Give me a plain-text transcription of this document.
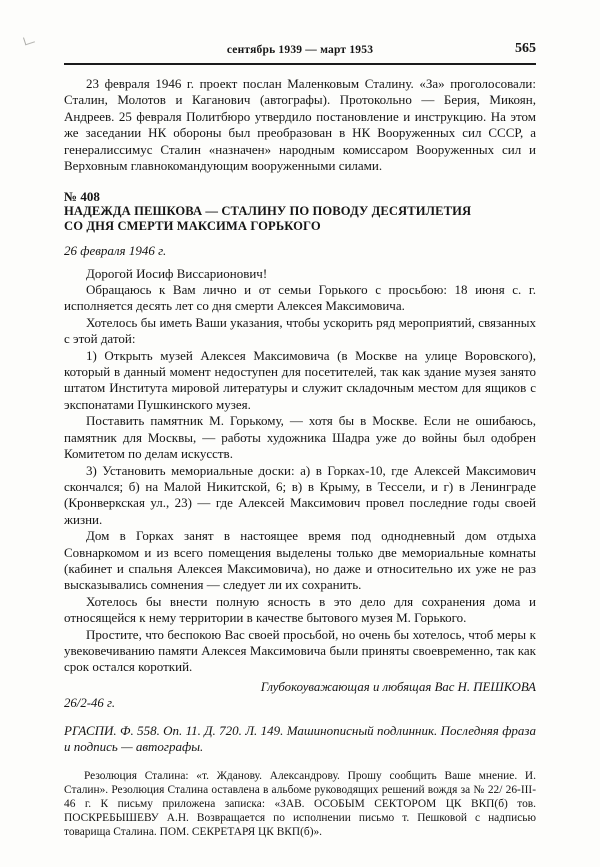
сентябрь 1939 — март 1953	565

23 февраля 1946 г. проект послан Маленковым Сталину. «За» проголосовали: Сталин, Молотов и Каганович (автографы). Протокольно — Берия, Микоян, Андреев. 25 февраля Политбюро утвердило постановление и инструкцию. На этом же заседании НК обороны был преобразован в НК Вооруженных сил СССР, а генералиссимус Сталин «назначен» народным комиссаром Вооруженных сил и Верховным главнокомандующим вооруженными силами.

№ 408

НАДЕЖДА ПЕШКОВА — СТАЛИНУ ПО ПОВОДУ ДЕСЯТИЛЕТИЯ

СО ДНЯ СМЕРТИ МАКСИМА ГОРЬКОГО

26 февраля 1946 г.

Дорогой Иосиф Виссарионович!

Обращаюсь к Вам лично и от семьи Горького с просьбою: 18 июня с. г. исполняется десять лет со дня смерти Алексея Максимовича.

Хотелось бы иметь Ваши указания, чтобы ускорить ряд мероприятий, связанных с этой датой:

1) Открыть музей Алексея Максимовича (в Москве на улице Воровского), который в данный момент недоступен для посетителей, так как здание музея занято штатом Института мировой литературы и служит складочным местом для ящиков с экспонатами Пушкинского музея.

Поставить памятник М. Горькому, — хотя бы в Москве. Если не ошибаюсь, памятник для Москвы, — работы художника Шадра уже до войны был одобрен Комитетом по делам искусств.

3) Установить мемориальные доски: а) в Горках-10, где Алексей Максимович скончался; б) на Малой Никитской, 6; в) в Крыму, в Тессели, и г) в Ленинграде (Кронверкская ул., 23) — где Алексей Максимович провел последние годы своей жизни.

Дом в Горках занят в настоящее время под однодневный дом отдыха Совнаркомом и из всего помещения выделены только две мемориальные комнаты (кабинет и спальня Алексея Максимовича), но даже и относительно их уже не раз высказывались сомнения — следует ли их сохранить.

Хотелось бы внести полную ясность в это дело для сохранения дома и относящейся к нему территории в качестве бытового музея М. Горького.

Простите, что беспокою Вас своей просьбой, но очень бы хотелось, чтоб меры к увековечиванию памяти Алексея Максимовича были приняты своевременно, так как срок остался короткий.

Глубокоуважающая и любящая Вас Н. ПЕШКОВА

26/2-46 г.

РГАСПИ. Ф. 558. Оп. 11. Д. 720. Л. 149. Машинописный подлинник. Последняя фраза и подпись — автографы.

Резолюция Сталина: «т. Жданову. Александрову. Прошу сообщить Ваше мнение. И. Сталин». Резолюция Сталина оставлена в альбоме руководящих решений вождя за № 22/ 26-III-46 г. К письму приложена записка: «ЗАВ. ОСОБЫМ СЕКТОРОМ ЦК ВКП(б) тов. ПОСКРЕБЫШЕВУ А.Н. Возвращается по исполнении письмо т. Пешковой с надписью товарища Сталина. ПОМ. СЕКРЕТАРЯ ЦК ВКП(б)».
